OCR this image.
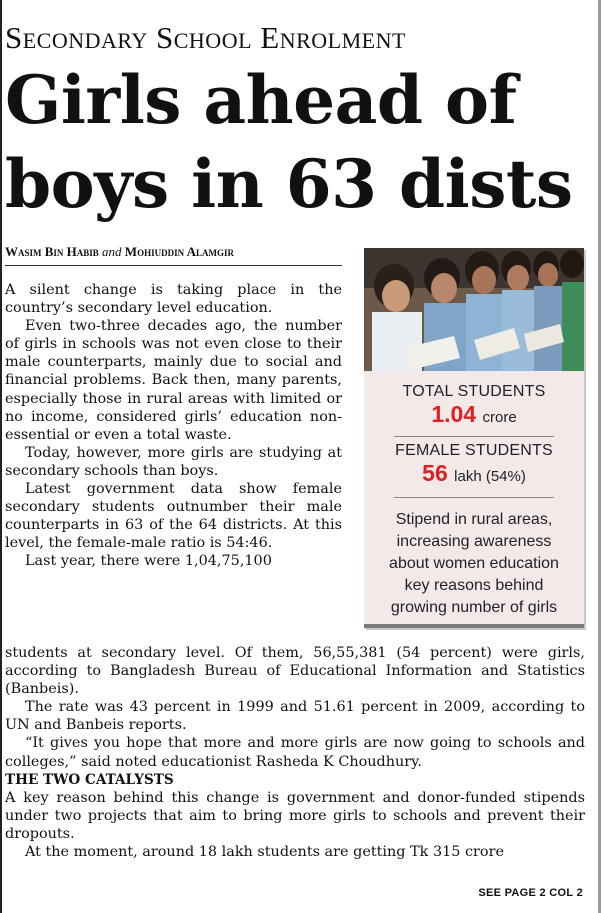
Secondary School Enrolment
Girls ahead of
boys in 63 dists
Wasim Bin Habib and Mohiuddin Alamgir

A silent change is taking place in the country’s secondary level education.

Even two-three decades ago, the number of girls in schools was not even close to their male counterparts, mainly due to social and financial problems. Back then, many parents, especially those in rural areas with limited or no income, considered girls’ education non-essential or even a total waste.

Today, however, more girls are studying at secondary schools than boys.

Latest government data show female secondary students outnumber their male counterparts in 63 of the 64 districts. At this level, the female-male ratio is 54:46.

Last year, there were 1,04,75,100

students at secondary level. Of them, 56,55,381 (54 percent) were girls, according to Bangladesh Bureau of Educational Information and Statistics (Banbeis).

The rate was 43 percent in 1999 and 51.61 percent in 2009, according to UN and Banbeis reports.

“It gives you hope that more and more girls are now going to schools and colleges,” said noted educationist Rasheda K Choudhury.

THE TWO CATALYSTS

A key reason behind this change is government and donor-funded stipends under two projects that aim to bring more girls to schools and prevent their dropouts.

At the moment, around 18 lakh students are getting Tk 315 crore

SEE PAGE 2 COL 2
TOTAL STUDENTS
1.04 crore
FEMALE STUDENTS
56 lakh (54%)
Stipend in rural areas, increasing awareness about women education key reasons behind growing number of girls
